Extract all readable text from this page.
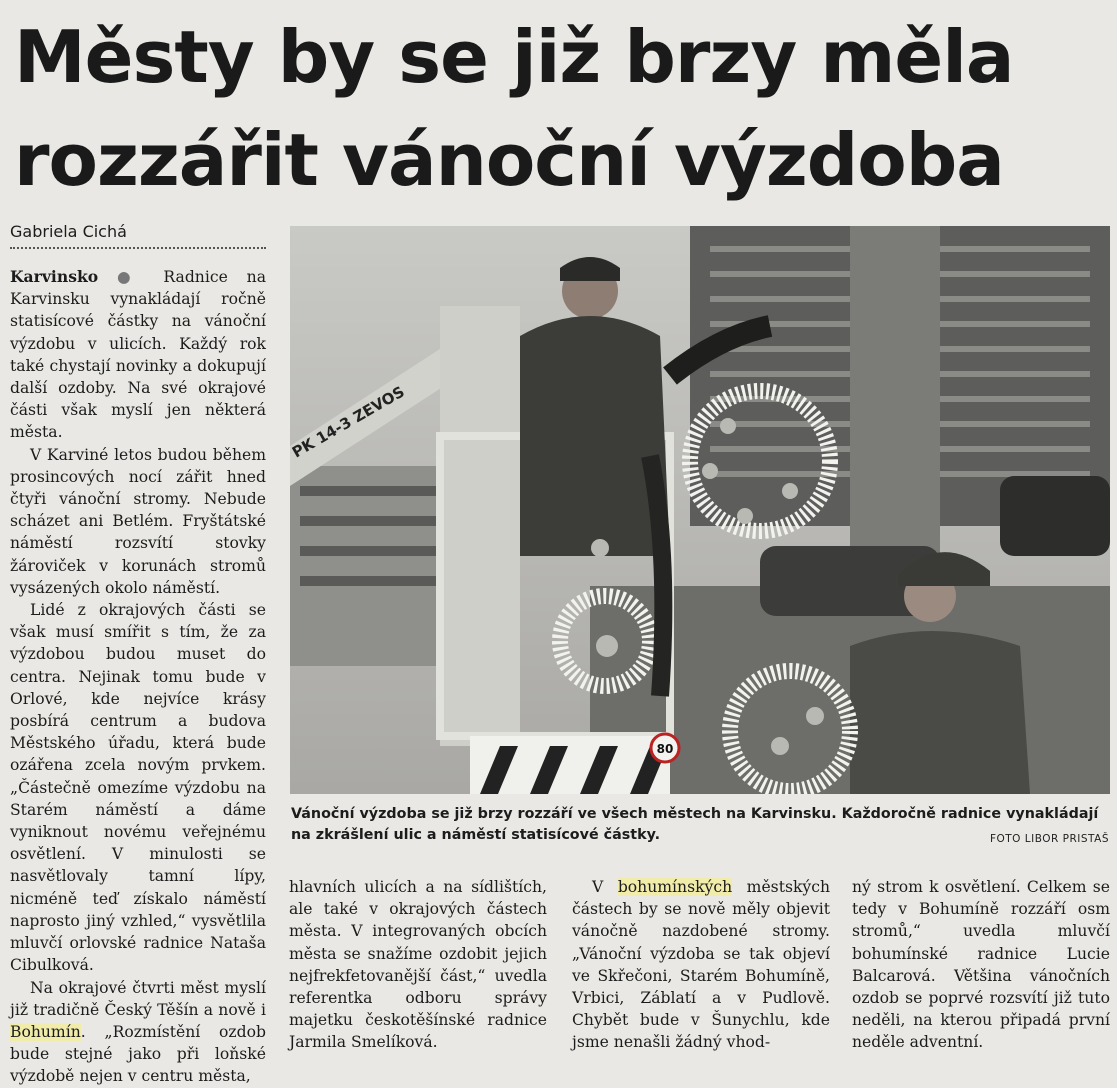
Městy by se již brzy měla
rozzářit vánoční výzdoba
Gabriela Cichá

Karvinsko ● Radnice na Karvinsku vynakládají ročně statisícové částky na vánoční výzdobu v ulicích. Každý rok také chystají novinky a dokupují další ozdoby. Na své okrajové části však myslí jen některá města.

V Karviné letos budou během prosincových nocí zářit hned čtyři vánoční stromy. Nebude scházet ani Betlém. Fryštátské náměstí rozsvítí stovky žároviček v korunách stromů vysázených okolo náměstí.

Lidé z okrajových části se však musí smířit s tím, že za výzdobou budou muset do centra. Nejinak tomu bude v Orlové, kde nejvíce krásy posbírá centrum a budova Městského úřadu, která bude ozářena zcela novým prvkem. „Částečně omezíme výzdobu na Starém náměstí a dáme vyniknout novému veřejnému osvětlení. V minulosti se nasvětlovaly tamní lípy, nicméně teď získalo náměstí naprosto jiný vzhled,“ vysvětlila mluvčí orlovské radnice Nataša Cibulková.

Na okrajové čtvrti měst myslí již tradičně Český Těšín a nově i Bohumín. „Rozmístění ozdob bude stejné jako při loňské výzdobě nejen v centru města,

PK 14-3 ZEVOS
80
Vánoční výzdoba se již brzy rozzáří ve všech městech na Karvinsku. Každoročně radnice vynakládají na zkrášlení ulic a náměstí statisícové částky.	FOTO LIBOR PRISTAŠ

hlavních ulicích a na sídlištích, ale také v okrajových částech města. V integrovaných obcích města se snažíme ozdobit jejich nejfrekfetovanější část,“ uvedla referentka odboru správy majetku českotěšínské radnice Jarmila Smelíková.

V bohumínských městských částech by se nově měly objevit vánočně nazdobené stromy. „Vánoční výzdoba se tak objeví ve Skřečoni, Starém Bohumíně, Vrbici, Záblatí a v Pudlově. Chybět bude v Šunychlu, kde jsme nenašli žádný vhod-

ný strom k osvětlení. Celkem se tedy v Bohumíně rozzáří osm stromů,“ uvedla mluvčí bohumínské radnice Lucie Balcarová. Většina vánočních ozdob se poprvé rozsvítí již tuto neděli, na kterou připadá první neděle adventní.
